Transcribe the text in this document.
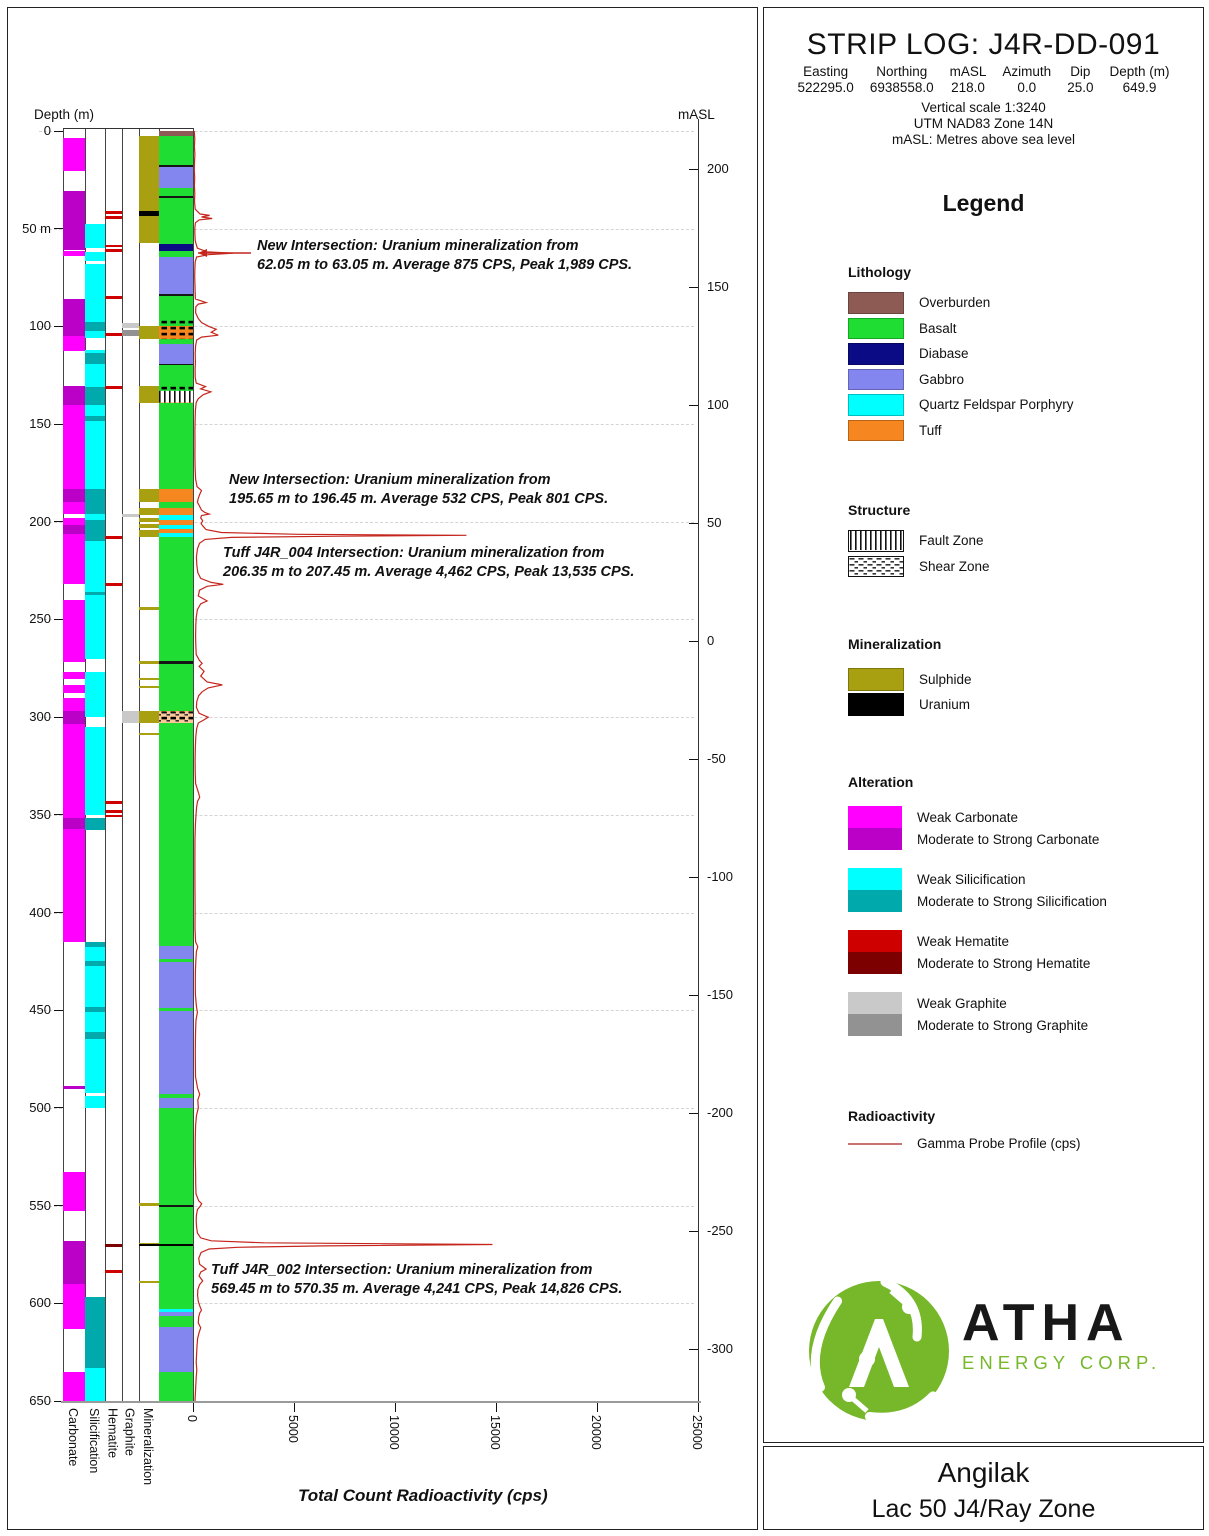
Depth (m)	mASL
0
50 m
100
150
200
250
300
350
400
450
500
550
600
650
200
150
100
50
0
-50
-100
-150
-200
-250
-300
0	5000	10000	15000	20000	25000
Carbonate Silicification Hematite Graphite Mineralization
Total Count Radioactivity (cps)
New Intersection: Uranium mineralization from
62.05 m to 63.05 m. Average 875 CPS, Peak 1,989 CPS.
New Intersection: Uranium mineralization from
195.65 m to 196.45 m. Average 532 CPS, Peak 801 CPS.
Tuff J4R_004 Intersection: Uranium mineralization from
206.35 m to 207.45 m. Average 4,462 CPS, Peak 13,535 CPS.
Tuff J4R_002 Intersection: Uranium mineralization from
569.45 m to 570.35 m. Average 4,241 CPS, Peak 14,826 CPS.
STRIP LOG: J4R-DD-091
Easting
522295.0
Northing
6938558.0
mASL
218.0
Azimuth
0.0
Dip
25.0
Depth (m)
649.9
Vertical scale 1:3240
UTM NAD83 Zone 14N
mASL: Metres above sea level
Legend
Lithology
Overburden
Basalt
Diabase
Gabbro
Quartz Feldspar Porphyry
Tuff
Structure
Fault Zone
Shear Zone
Mineralization
Sulphide
Uranium
Alteration
Weak Carbonate
Moderate to Strong Carbonate
Weak Silicification
Moderate to Strong Silicification
Weak Hematite
Moderate to Strong Hematite
Weak Graphite
Moderate to Strong Graphite
Radioactivity
Gamma Probe Profile (cps)
ATHA
ENERGY CORP.
Angilak
Lac 50 J4/Ray Zone
